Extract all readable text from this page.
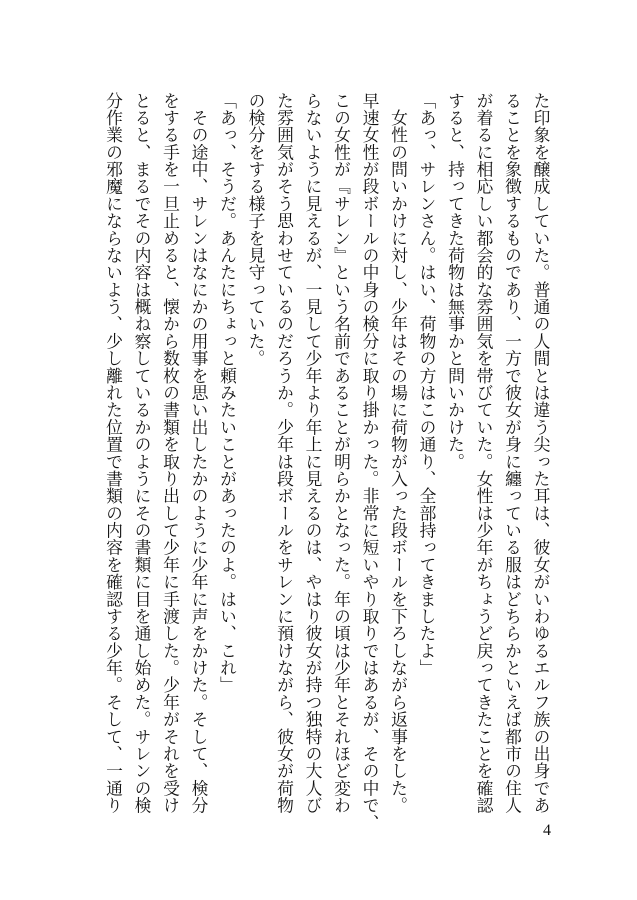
た印象を醸成していた。普通の人間とは違う尖った耳は、彼女がいわゆるエルフ族の出身であ

ることを象徴するものであり、一方で彼女が身に纏っている服はどちらかといえば都市の住人

が着るに相応しい都会的な雰囲気を帯びていた。女性は少年がちょうど戻ってきたことを確認

すると、持ってきた荷物は無事かと問いかけた。

「あっ、サレンさん。はい、荷物の方はこの通り、全部持ってきましたよ」

　女性の問いかけに対し、少年はその場に荷物が入った段ボールを下ろしながら返事をした。

早速女性が段ボールの中身の検分に取り掛かった。非常に短いやり取りではあるが、その中で、

この女性が『サレン』という名前であることが明らかとなった。年の頃は少年とそれほど変わ

らないように見えるが、一見して少年より年上に見えるのは、やはり彼女が持つ独特の大人び

た雰囲気がそう思わせているのだろうか。少年は段ボールをサレンに預けながら、彼女が荷物

の検分をする様子を見守っていた。

「あっ、そうだ。あんたにちょっと頼みたいことがあったのよ。はい、これ」

　その途中、サレンはなにかの用事を思い出したかのように少年に声をかけた。そして、検分

をする手を一旦止めると、懐から数枚の書類を取り出して少年に手渡した。少年がそれを受け

とると、まるでその内容は概ね察しているかのようにその書類に目を通し始めた。サレンの検

分作業の邪魔にならないよう、少し離れた位置で書類の内容を確認する少年。そして、一通り

4
